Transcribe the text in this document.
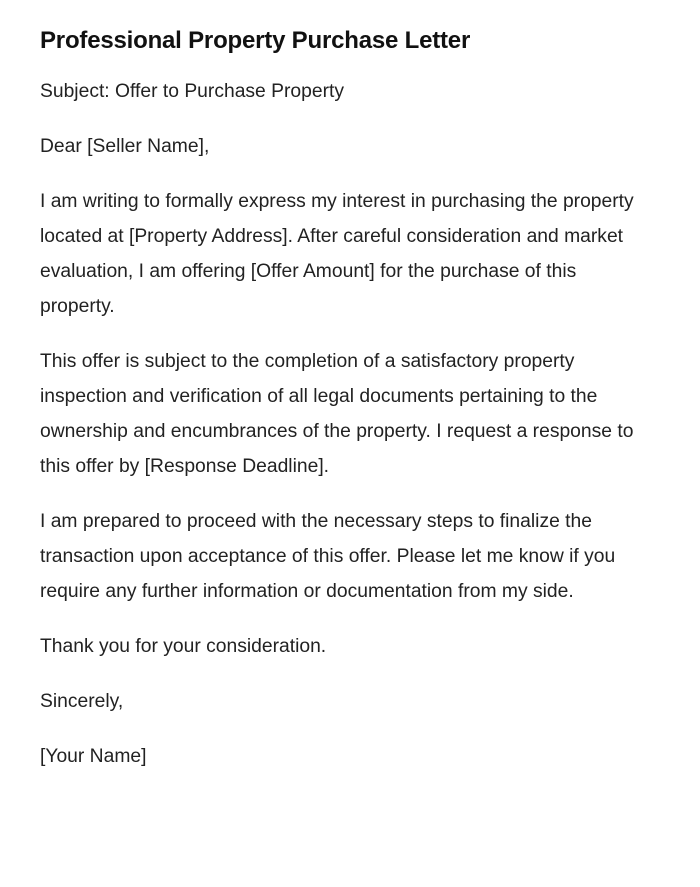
Professional Property Purchase Letter

Subject: Offer to Purchase Property

Dear [Seller Name],

I am writing to formally express my interest in purchasing the property located at [Property Address]. After careful consideration and market evaluation, I am offering [Offer Amount] for the purchase of this property.

This offer is subject to the completion of a satisfactory property inspection and verification of all legal documents pertaining to the ownership and encumbrances of the property. I request a response to this offer by [Response Deadline].

I am prepared to proceed with the necessary steps to finalize the transaction upon acceptance of this offer. Please let me know if you require any further information or documentation from my side.

Thank you for your consideration.

Sincerely,

[Your Name]
